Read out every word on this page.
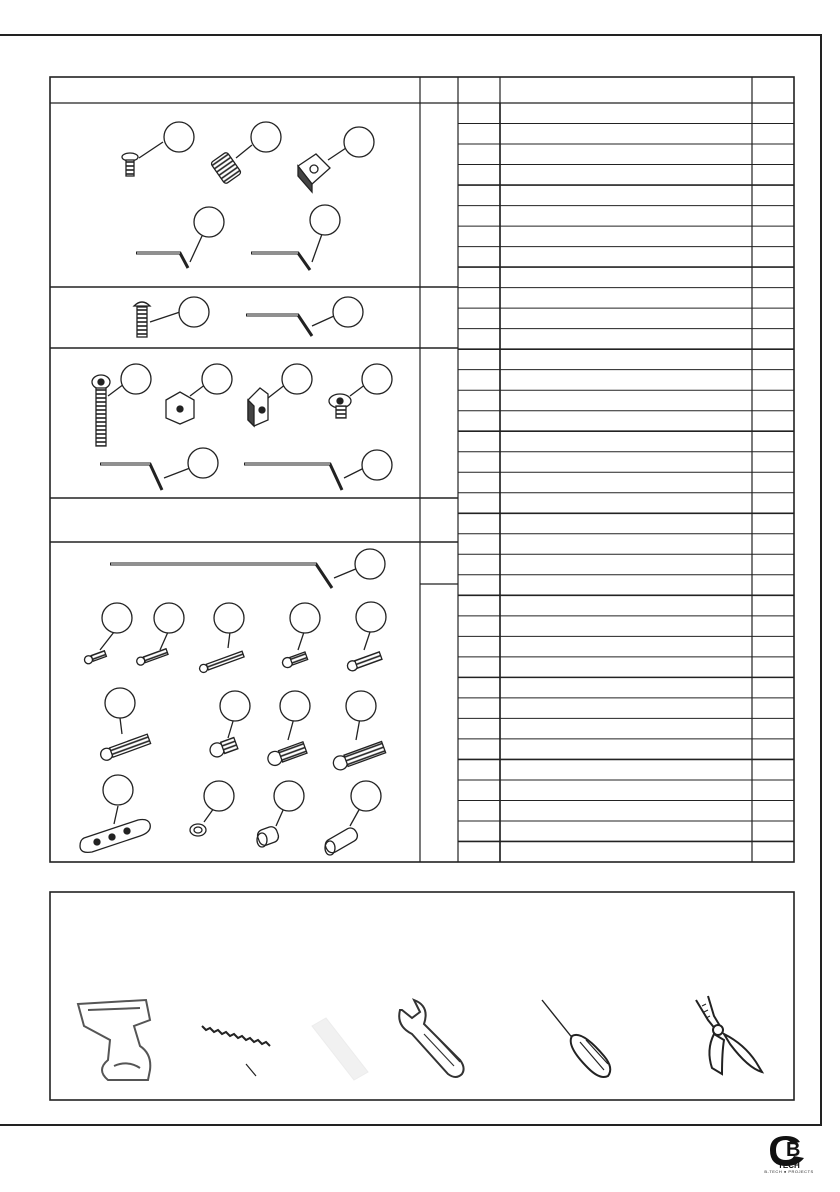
B
TECH
B-TECH ● PROJECTS
